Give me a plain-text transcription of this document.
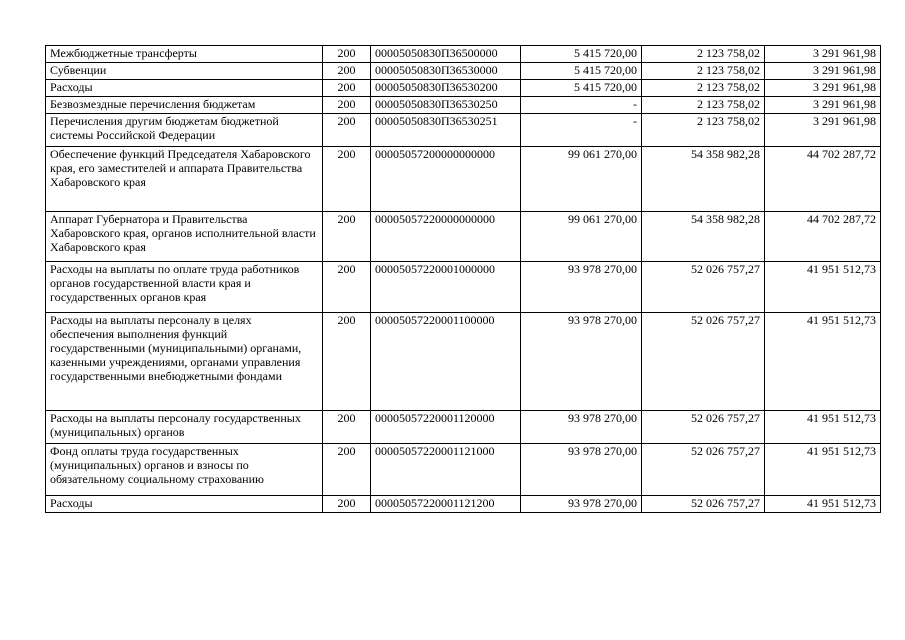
Межбюджетные трансферты	200	00005050830П36500000	5 415 720,00	2 123 758,02	3 291 961,98
Субвенции	200	00005050830П36530000	5 415 720,00	2 123 758,02	3 291 961,98
Расходы	200	00005050830П36530200	5 415 720,00	2 123 758,02	3 291 961,98
Безвозмездные перечисления бюджетам	200	00005050830П36530250	-	2 123 758,02	3 291 961,98
Перечисления другим бюджетам бюджетной системы Российской Федерации	200	00005050830П36530251	-	2 123 758,02	3 291 961,98
Обеспечение функций Председателя Хабаровского края, его заместителей и аппарата Правительства Хабаровского края	200	00005057200000000000	99 061 270,00	54 358 982,28	44 702 287,72
Аппарат Губернатора и Правительства Хабаровского края, органов исполнительной власти Хабаровского края	200	00005057220000000000	99 061 270,00	54 358 982,28	44 702 287,72
Расходы на выплаты по оплате труда работников органов государственной власти края и государственных органов края	200	00005057220001000000	93 978 270,00	52 026 757,27	41 951 512,73
Расходы на выплаты персоналу в целях обеспечения выполнения функций государственными (муниципальными) органами, казенными учреждениями, органами управления государственными внебюджетными фондами	200	00005057220001100000	93 978 270,00	52 026 757,27	41 951 512,73
Расходы на выплаты персоналу государственных (муниципальных) органов	200	00005057220001120000	93 978 270,00	52 026 757,27	41 951 512,73
Фонд оплаты труда государственных (муниципальных) органов и взносы по обязательному социальному страхованию	200	00005057220001121000	93 978 270,00	52 026 757,27	41 951 512,73
Расходы	200	00005057220001121200	93 978 270,00	52 026 757,27	41 951 512,73
